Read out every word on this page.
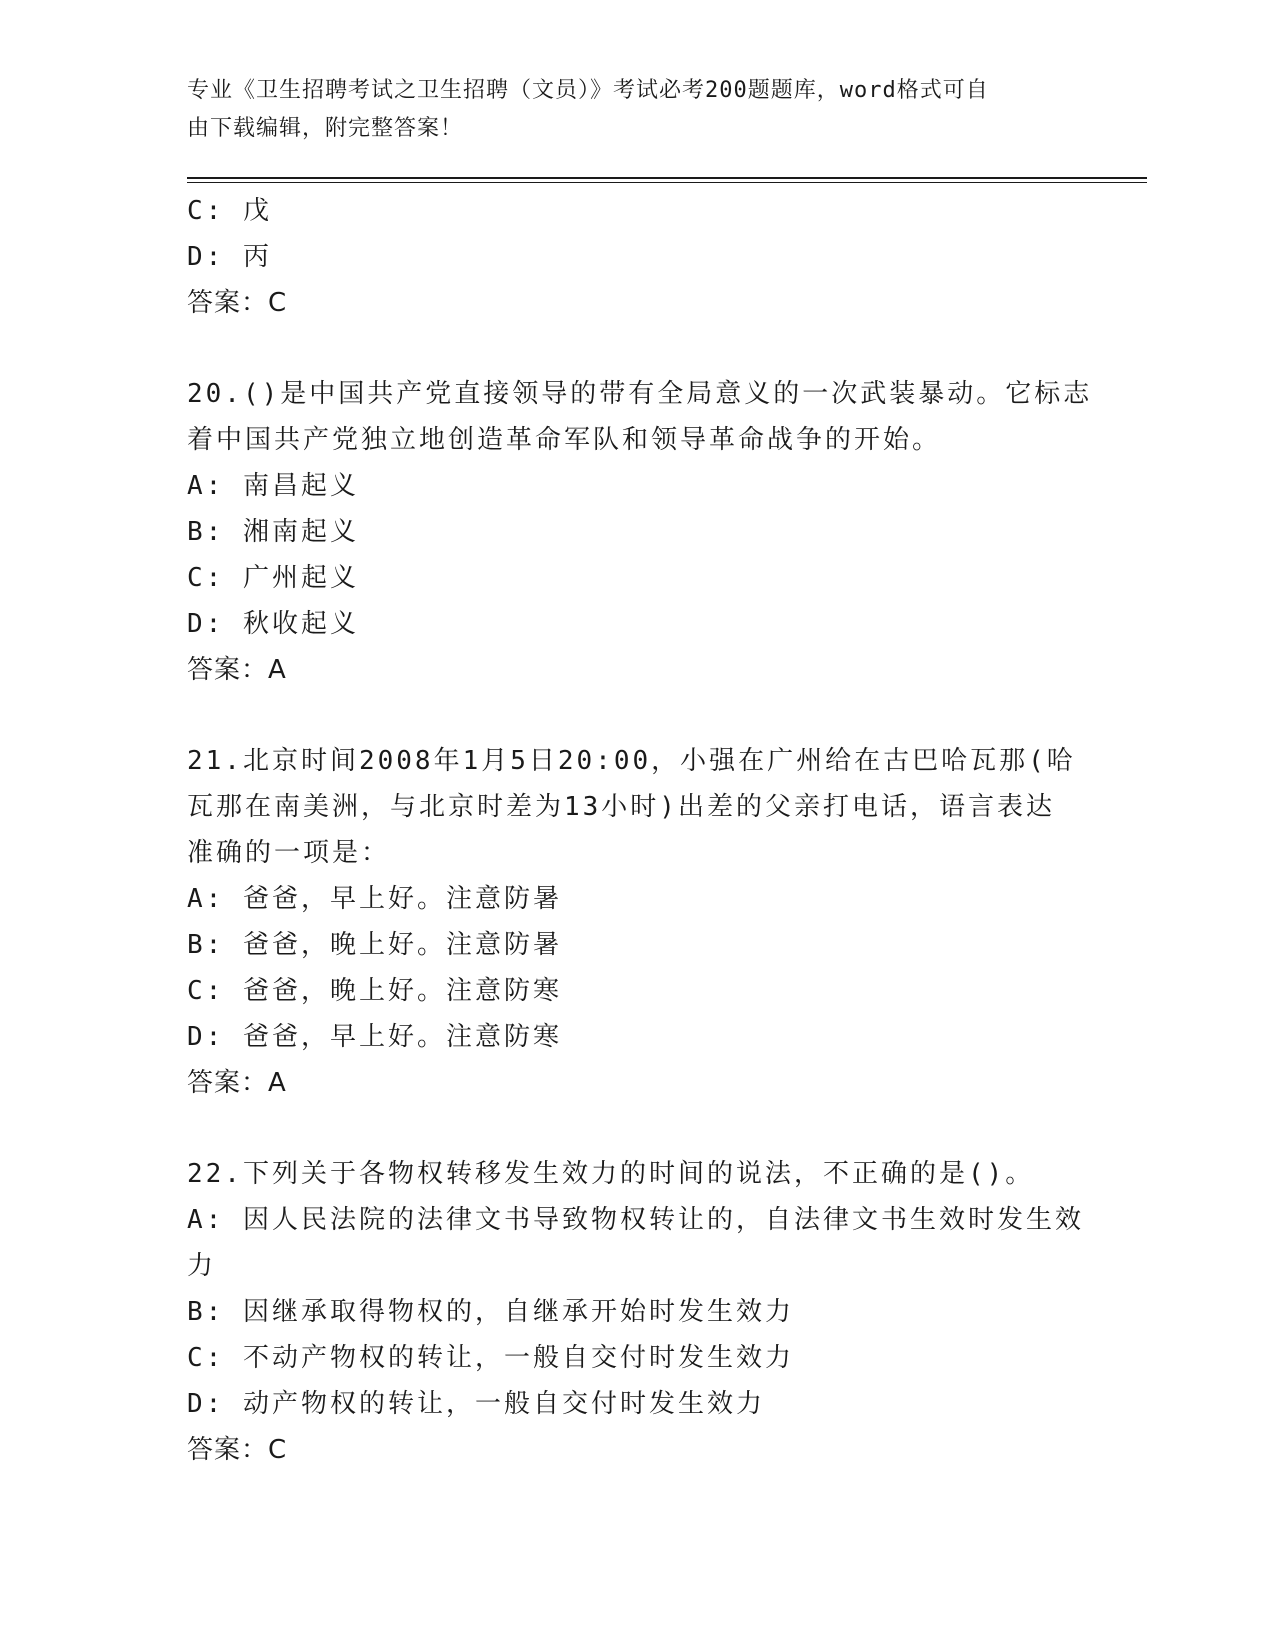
专业《卫生招聘考试之卫生招聘（文员）》考试必考200题题库，word格式可自
由下载编辑，附完整答案！
C: 戊
D: 丙
答案：C
20.()是中国共产党直接领导的带有全局意义的一次武装暴动。它标志
着中国共产党独立地创造革命军队和领导革命战争的开始。
A: 南昌起义
B: 湘南起义
C: 广州起义
D: 秋收起义
答案：A
21.北京时间2008年1月5日20:00，小强在广州给在古巴哈瓦那(哈
瓦那在南美洲，与北京时差为13小时)出差的父亲打电话，语言表达
准确的一项是：
A: 爸爸，早上好。注意防暑
B: 爸爸，晚上好。注意防暑
C: 爸爸，晚上好。注意防寒
D: 爸爸，早上好。注意防寒
答案：A
22.下列关于各物权转移发生效力的时间的说法，不正确的是()。
A: 因人民法院的法律文书导致物权转让的，自法律文书生效时发生效
力
B: 因继承取得物权的，自继承开始时发生效力
C: 不动产物权的转让，一般自交付时发生效力
D: 动产物权的转让，一般自交付时发生效力
答案：C
